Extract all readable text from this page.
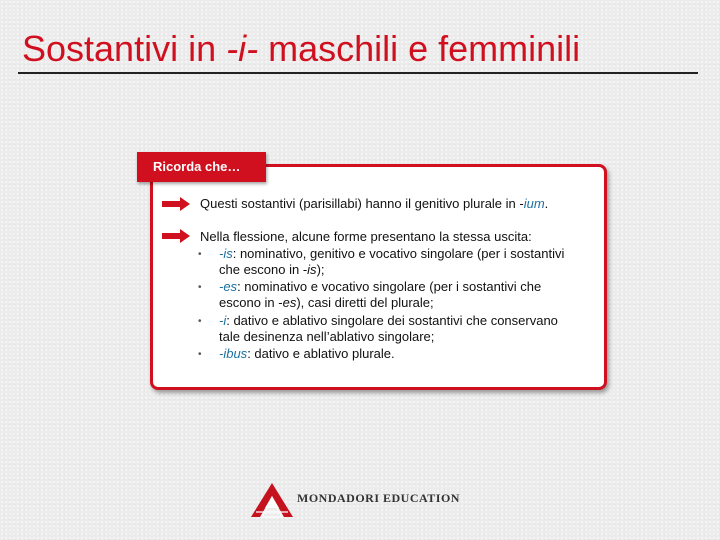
Sostantivi in -i- maschili e femminili
Ricorda che…
Questi sostantivi (parisillabi) hanno il genitivo plurale in -ium.
Nella flessione, alcune forme presentano la stessa uscita:
• -is: nominativo, genitivo e vocativo singolare (per i sostantivi
che escono in -is);
• -es: nominativo e vocativo singolare (per i sostantivi che
escono in -es), casi diretti del plurale;
• -i: dativo e ablativo singolare dei sostantivi che conservano
tale desinenza nell’ablativo singolare;
• -ibus: dativo e ablativo plurale.
MONDADORI EDUCATION
